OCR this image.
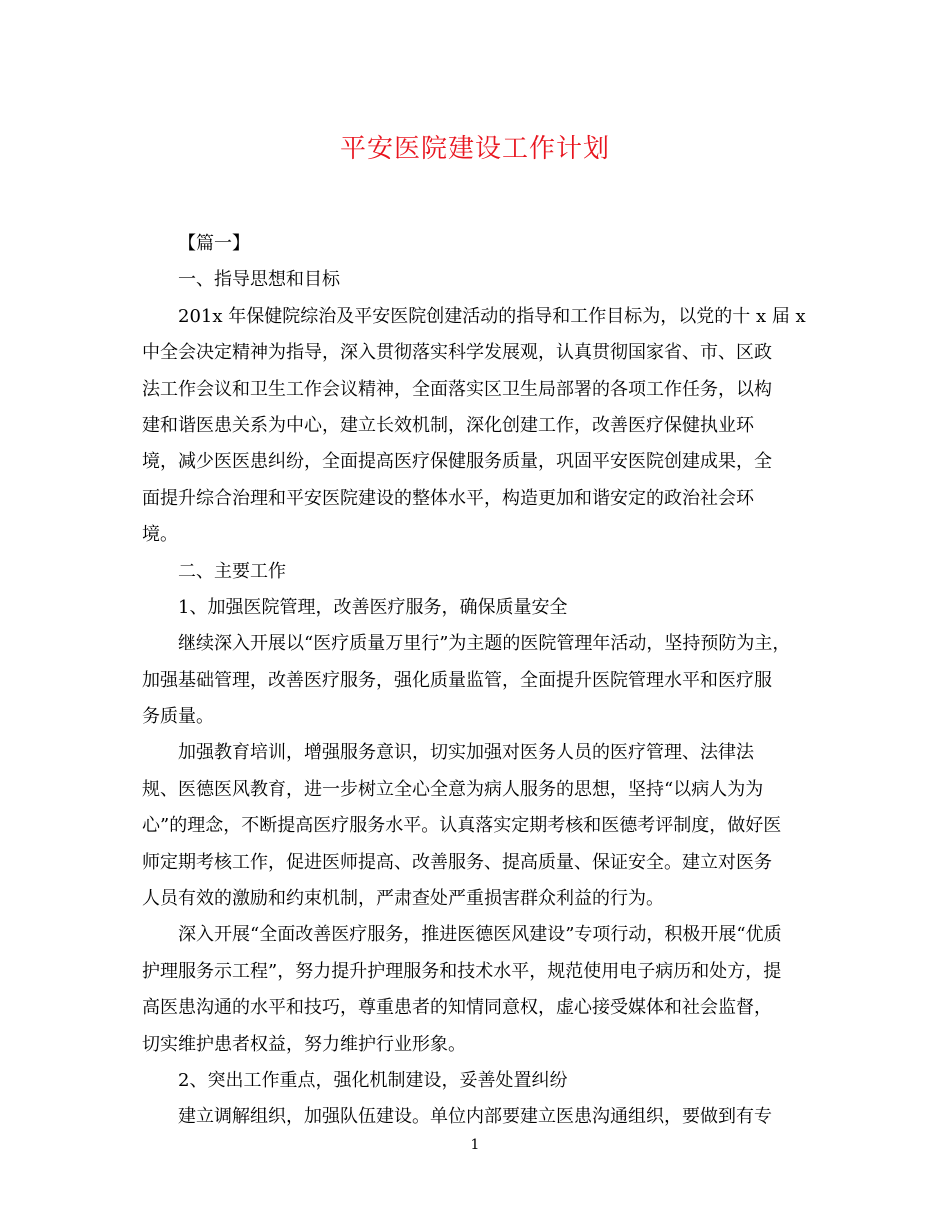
平安医院建设工作计划
【篇一】
一、指导思想和目标
201x 年保健院综治及平安医院创建活动的指导和工作目标为，以党的十 x 届 x
中全会决定精神为指导，深入贯彻落实科学发展观，认真贯彻国家省、市、区政
法工作会议和卫生工作会议精神，全面落实区卫生局部署的各项工作任务，以构
建和谐医患关系为中心，建立长效机制，深化创建工作，改善医疗保健执业环
境，减少医医患纠纷，全面提高医疗保健服务质量，巩固平安医院创建成果，全
面提升综合治理和平安医院建设的整体水平，构造更加和谐安定的政治社会环
境。
二、主要工作
1、加强医院管理，改善医疗服务，确保质量安全
继续深入开展以“医疗质量万里行”为主题的医院管理年活动，坚持预防为主，
加强基础管理，改善医疗服务，强化质量监管，全面提升医院管理水平和医疗服
务质量。
加强教育培训，增强服务意识，切实加强对医务人员的医疗管理、法律法
规、医德医风教育，进一步树立全心全意为病人服务的思想，坚持“以病人为为
心”的理念，不断提高医疗服务水平。认真落实定期考核和医德考评制度，做好医
师定期考核工作，促进医师提高、改善服务、提高质量、保证安全。建立对医务
人员有效的激励和约束机制，严肃查处严重损害群众利益的行为。
深入开展“全面改善医疗服务，推进医德医风建设”专项行动，积极开展“优质
护理服务示工程”，努力提升护理服务和技术水平，规范使用电子病历和处方，提
高医患沟通的水平和技巧，尊重患者的知情同意权，虚心接受媒体和社会监督，
切实维护患者权益，努力维护行业形象。
2、突出工作重点，强化机制建设，妥善处置纠纷
建立调解组织，加强队伍建设。单位内部要建立医患沟通组织，要做到有专
1
